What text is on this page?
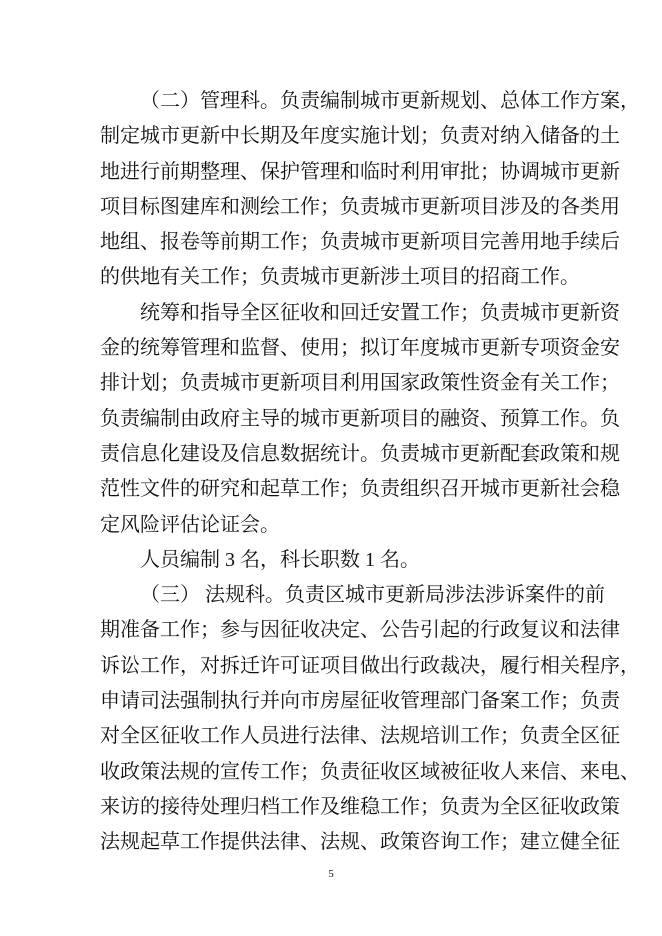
（二）管理科。负责编制城市更新规划、总体工作方案，
制定城市更新中长期及年度实施计划；负责对纳入储备的土
地进行前期整理、保护管理和临时利用审批；协调城市更新
项目标图建库和测绘工作；负责城市更新项目涉及的各类用
地组、报卷等前期工作；负责城市更新项目完善用地手续后
的供地有关工作；负责城市更新涉土项目的招商工作。
统筹和指导全区征收和回迁安置工作；负责城市更新资
金的统筹管理和监督、使用；拟订年度城市更新专项资金安
排计划；负责城市更新项目利用国家政策性资金有关工作；
负责编制由政府主导的城市更新项目的融资、预算工作。负
责信息化建设及信息数据统计。负责城市更新配套政策和规
范性文件的研究和起草工作；负责组织召开城市更新社会稳
定风险评估论证会。
人员编制 3 名，科长职数 1 名。
（三） 法规科。负责区城市更新局涉法涉诉案件的前
期准备工作；参与因征收决定、公告引起的行政复议和法律
诉讼工作，对拆迁许可证项目做出行政裁决，履行相关程序，
申请司法强制执行并向市房屋征收管理部门备案工作；负责
对全区征收工作人员进行法律、法规培训工作；负责全区征
收政策法规的宣传工作；负责征收区域被征收人来信、来电、
来访的接待处理归档工作及维稳工作；负责为全区征收政策
法规起草工作提供法律、法规、政策咨询工作；建立健全征
5
